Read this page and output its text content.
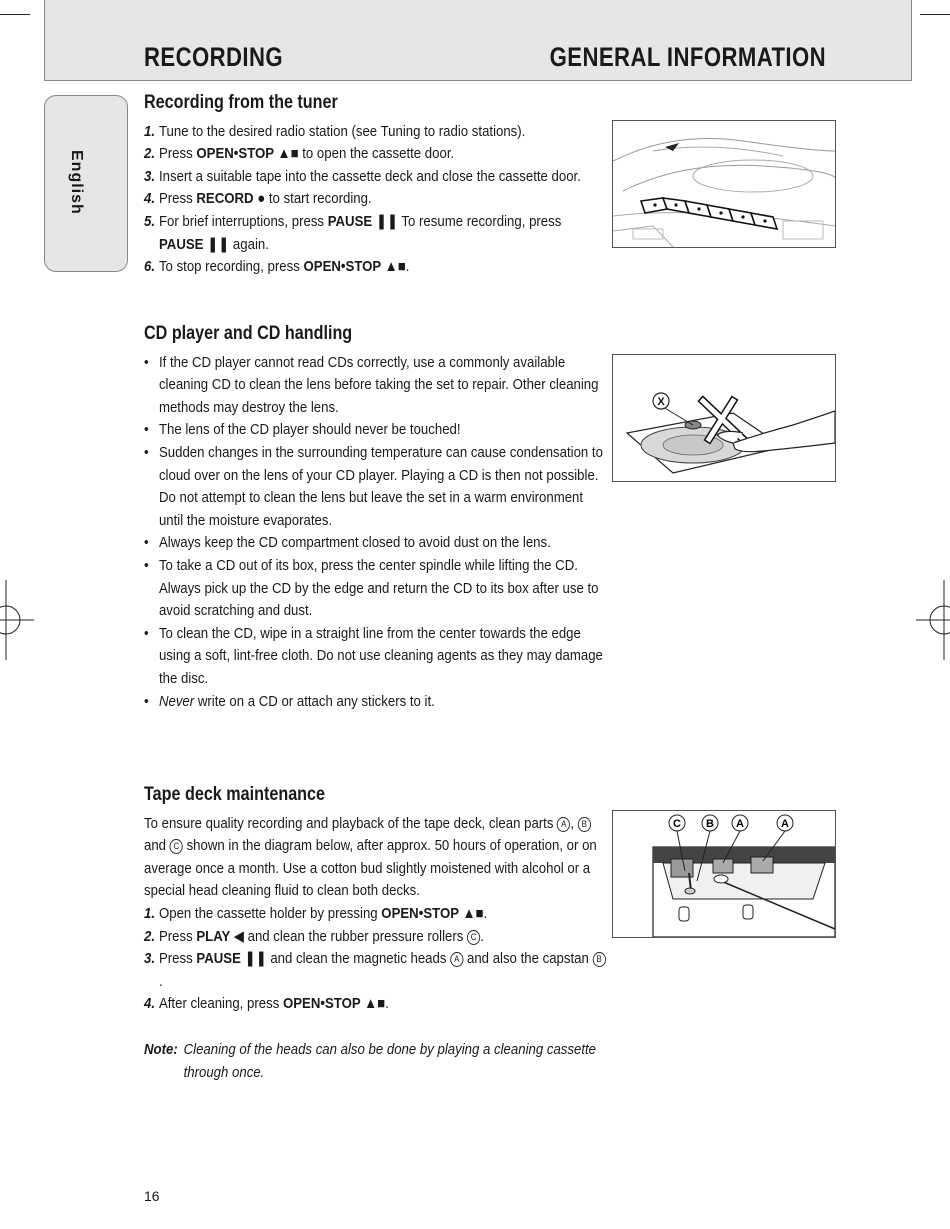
RECORDING	GENERAL INFORMATION
English
Recording from the tuner
1. Tune to the desired radio station (see Tuning to radio stations).
2. Press OPEN•STOP ▲■ to open the cassette door.
3. Insert a suitable tape into the cassette deck and close the cassette door.
4. Press RECORD ● to start recording.
5. For brief interruptions, press PAUSE ❚❚ To resume recording, press PAUSE ❚❚ again.
6. To stop recording, press OPEN•STOP ▲■.
CD player and CD handling
• If the CD player cannot read CDs correctly, use a commonly available cleaning CD to clean the lens before taking the set to repair. Other cleaning methods may destroy the lens.
• The lens of the CD player should never be touched!
• Sudden changes in the surrounding temperature can cause condensation to cloud over on the lens of your CD player. Playing a CD is then not possible. Do not attempt to clean the lens but leave the set in a warm environment until the moisture evaporates.
• Always keep the CD compartment closed to avoid dust on the lens.
• To take a CD out of its box, press the center spindle while lifting the CD. Always pick up the CD by the edge and return the CD to its box after use to avoid scratching and dust.
• To clean the CD, wipe in a straight line from the center towards the edge using a soft, lint-free cloth. Do not use cleaning agents as they may damage the disc.
• Never write on a CD or attach any stickers to it.
Tape deck maintenance
To ensure quality recording and playback of the tape deck, clean parts A , B and C shown in the diagram below, after approx. 50 hours of operation, or on average once a month. Use a cotton bud slightly moistened with alcohol or a special head cleaning fluid to clean both decks.
1. Open the cassette holder by pressing OPEN•STOP ▲■.
2. Press PLAY ◀ and clean the rubber pressure rollers C .
3. Press PAUSE ❚❚ and clean the magnetic heads A and also the capstan B.
4. After cleaning, press OPEN•STOP ▲■.
Note: Cleaning of the heads can also be done by playing a cleaning cassette through once.
X
C B A	A
16
